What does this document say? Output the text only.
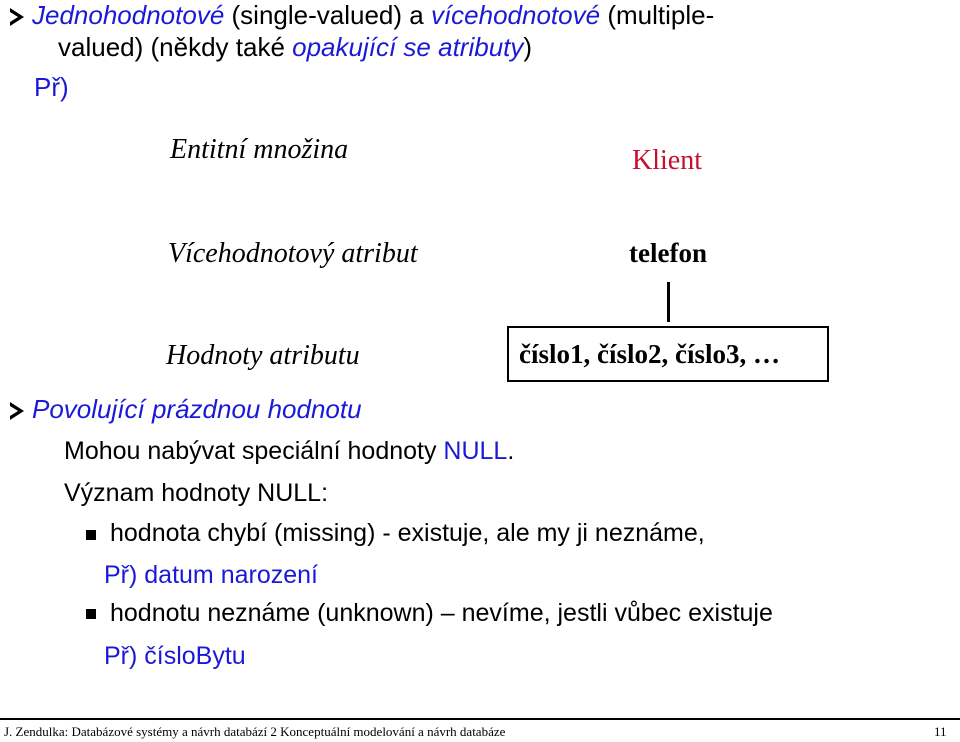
Jednohodnotové (single-valued) a vícehodnotové (multiple-
valued) (někdy také opakující se atributy)
Př)
Entitní množina	Klient
Vícehodnotový atribut	telefon
Hodnoty atributu	číslo1, číslo2, číslo3, …
Povolující prázdnou hodnotu
Mohou nabývat speciální hodnoty NULL.
Význam hodnoty NULL:
hodnota chybí (missing) - existuje, ale my ji neznáme,
Př) datum narození
hodnotu neznáme (unknown) – nevíme, jestli vůbec existuje
Př) čísloBytu
J. Zendulka: Databázové systémy a návrh databází 2 Konceptuální modelování a návrh databáze	11
